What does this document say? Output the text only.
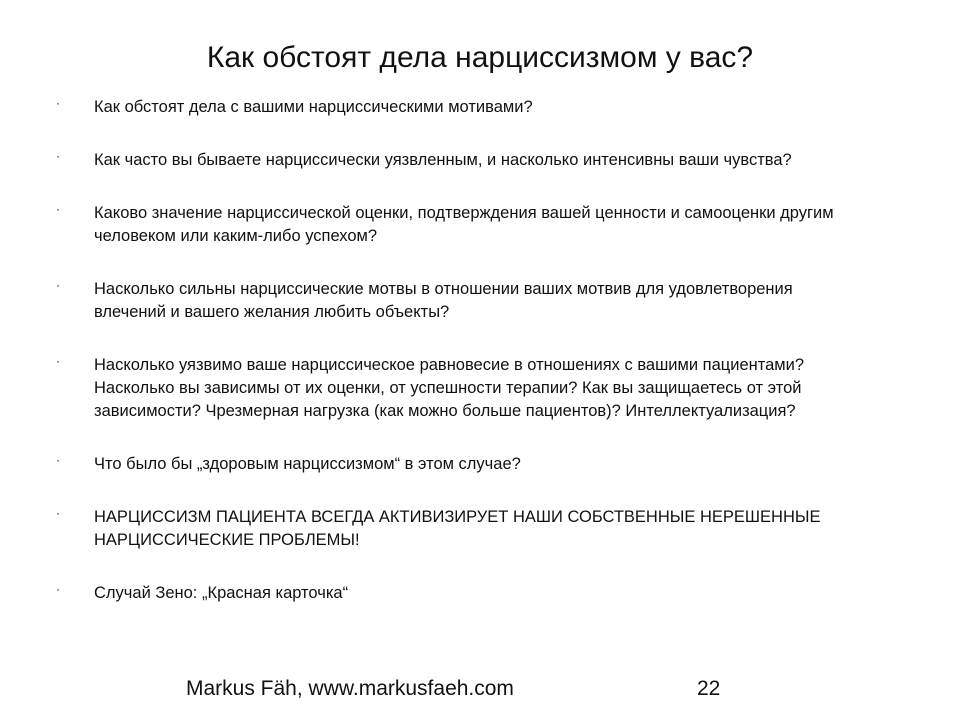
Как обстоят дела нарциссизмом у вас?
· Как обстоят дела с вашими нарциссическими мотивами?
· Как часто вы бываете нарциссически уязвленным, и насколько интенсивны ваши чувства?
· Каково значение нарциссической оценки, подтверждения вашей ценности и самооценки другим человеком или каким-либо успехом?
· Насколько сильны нарциссические мотвы в отношении ваших мотвив для удовлетворения влечений и вашего желания любить объекты?
· Насколько уязвимо ваше нарциссическое равновесие в отношениях с вашими пациентами? Насколько вы зависимы от их оценки, от успешности терапии? Как вы защищаетесь от этой зависимости? Чрезмерная нагрузка (как можно больше пациентов)? Интеллектуализация?
· Что было бы „здоровым нарциссизмом“ в этом случае?
· НАРЦИССИЗМ ПАЦИЕНТА ВСЕГДА АКТИВИЗИРУЕТ НАШИ СОБСТВЕННЫЕ НЕРЕШЕННЫЕ НАРЦИССИЧЕСКИЕ ПРОБЛЕМЫ!
· Случай Зено: „Красная карточка“
Markus Fäh, www.markusfaeh.com	22
